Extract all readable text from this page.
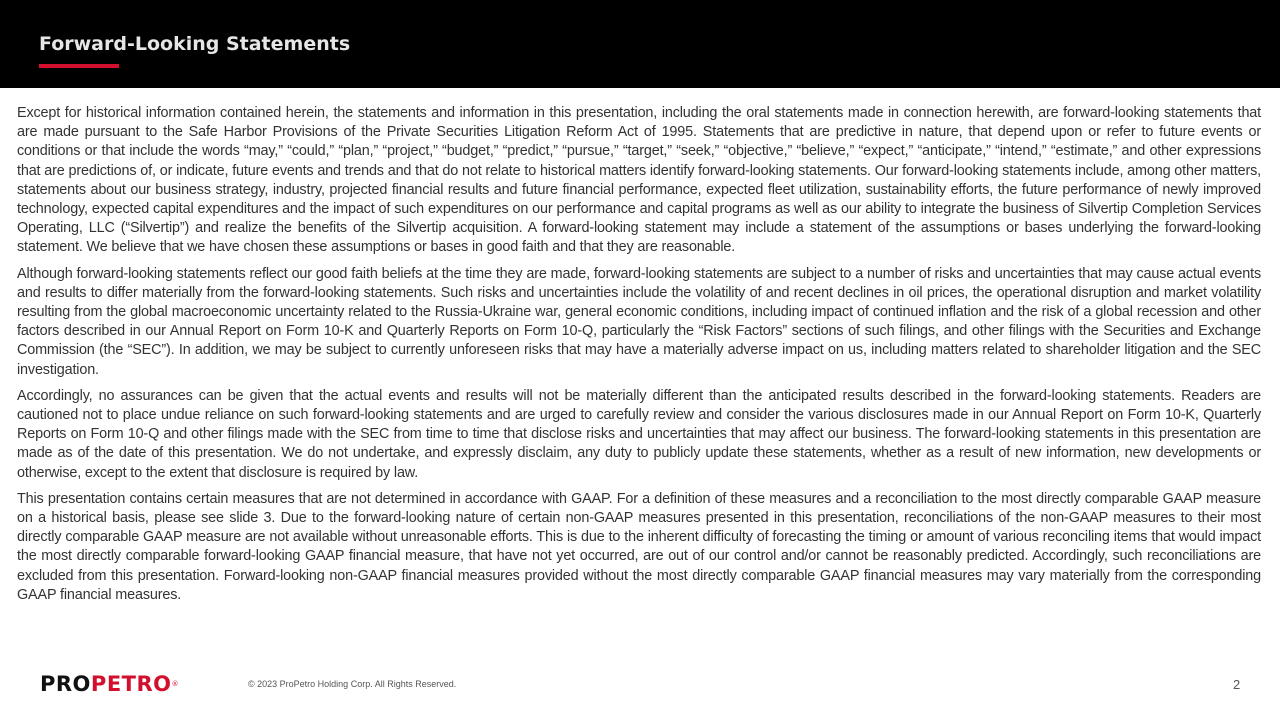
Forward-Looking Statements

Except for historical information contained herein, the statements and information in this presentation, including the oral statements made in connection herewith, are forward-looking statements that are made pursuant to the Safe Harbor Provisions of the Private Securities Litigation Reform Act of 1995. Statements that are predictive in nature, that depend upon or refer to future events or conditions or that include the words “may,” “could,” “plan,” “project,” “budget,” “predict,” “pursue,” “target,” “seek,” “objective,” “believe,” “expect,” “anticipate,” “intend,” “estimate,” and other expressions that are predictions of, or indicate, future events and trends and that do not relate to historical matters identify forward-looking statements. Our forward-looking statements include, among other matters, statements about our business strategy, industry, projected financial results and future financial performance, expected fleet utilization, sustainability efforts, the future performance of newly improved technology, expected capital expenditures and the impact of such expenditures on our performance and capital programs as well as our ability to integrate the business of Silvertip Completion Services Operating, LLC (“Silvertip”) and realize the benefits of the Silvertip acquisition. A forward-looking statement may include a statement of the assumptions or bases underlying the forward-looking statement. We believe that we have chosen these assumptions or bases in good faith and that they are reasonable.

Although forward-looking statements reflect our good faith beliefs at the time they are made, forward-looking statements are subject to a number of risks and uncertainties that may cause actual events and results to differ materially from the forward-looking statements. Such risks and uncertainties include the volatility of and recent declines in oil prices, the operational disruption and market volatility resulting from the global macroeconomic uncertainty related to the Russia-Ukraine war, general economic conditions, including impact of continued inflation and the risk of a global recession and other factors described in our Annual Report on Form 10-K and Quarterly Reports on Form 10-Q, particularly the “Risk Factors” sections of such filings, and other filings with the Securities and Exchange Commission (the “SEC”). In addition, we may be subject to currently unforeseen risks that may have a materially adverse impact on us, including matters related to shareholder litigation and the SEC investigation.

Accordingly, no assurances can be given that the actual events and results will not be materially different than the anticipated results described in the forward-looking statements. Readers are cautioned not to place undue reliance on such forward-looking statements and are urged to carefully review and consider the various disclosures made in our Annual Report on Form 10-K, Quarterly Reports on Form 10-Q and other filings made with the SEC from time to time that disclose risks and uncertainties that may affect our business. The forward-looking statements in this presentation are made as of the date of this presentation. We do not undertake, and expressly disclaim, any duty to publicly update these statements, whether as a result of new information, new developments or otherwise, except to the extent that disclosure is required by law.

This presentation contains certain measures that are not determined in accordance with GAAP. For a definition of these measures and a reconciliation to the most directly comparable GAAP measure on a historical basis, please see slide 3. Due to the forward-looking nature of certain non-GAAP measures presented in this presentation, reconciliations of the non-GAAP measures to their most directly comparable GAAP measure are not available without unreasonable efforts. This is due to the inherent difficulty of forecasting the timing or amount of various reconciling items that would impact the most directly comparable forward-looking GAAP financial measure, that have not yet occurred, are out of our control and/or cannot be reasonably predicted. Accordingly, such reconciliations are excluded from this presentation. Forward-looking non-GAAP financial measures provided without the most directly comparable GAAP financial measures may vary materially from the corresponding GAAP financial measures.

PROPETRO®	© 2023 ProPetro Holding Corp. All Rights Reserved.	2
